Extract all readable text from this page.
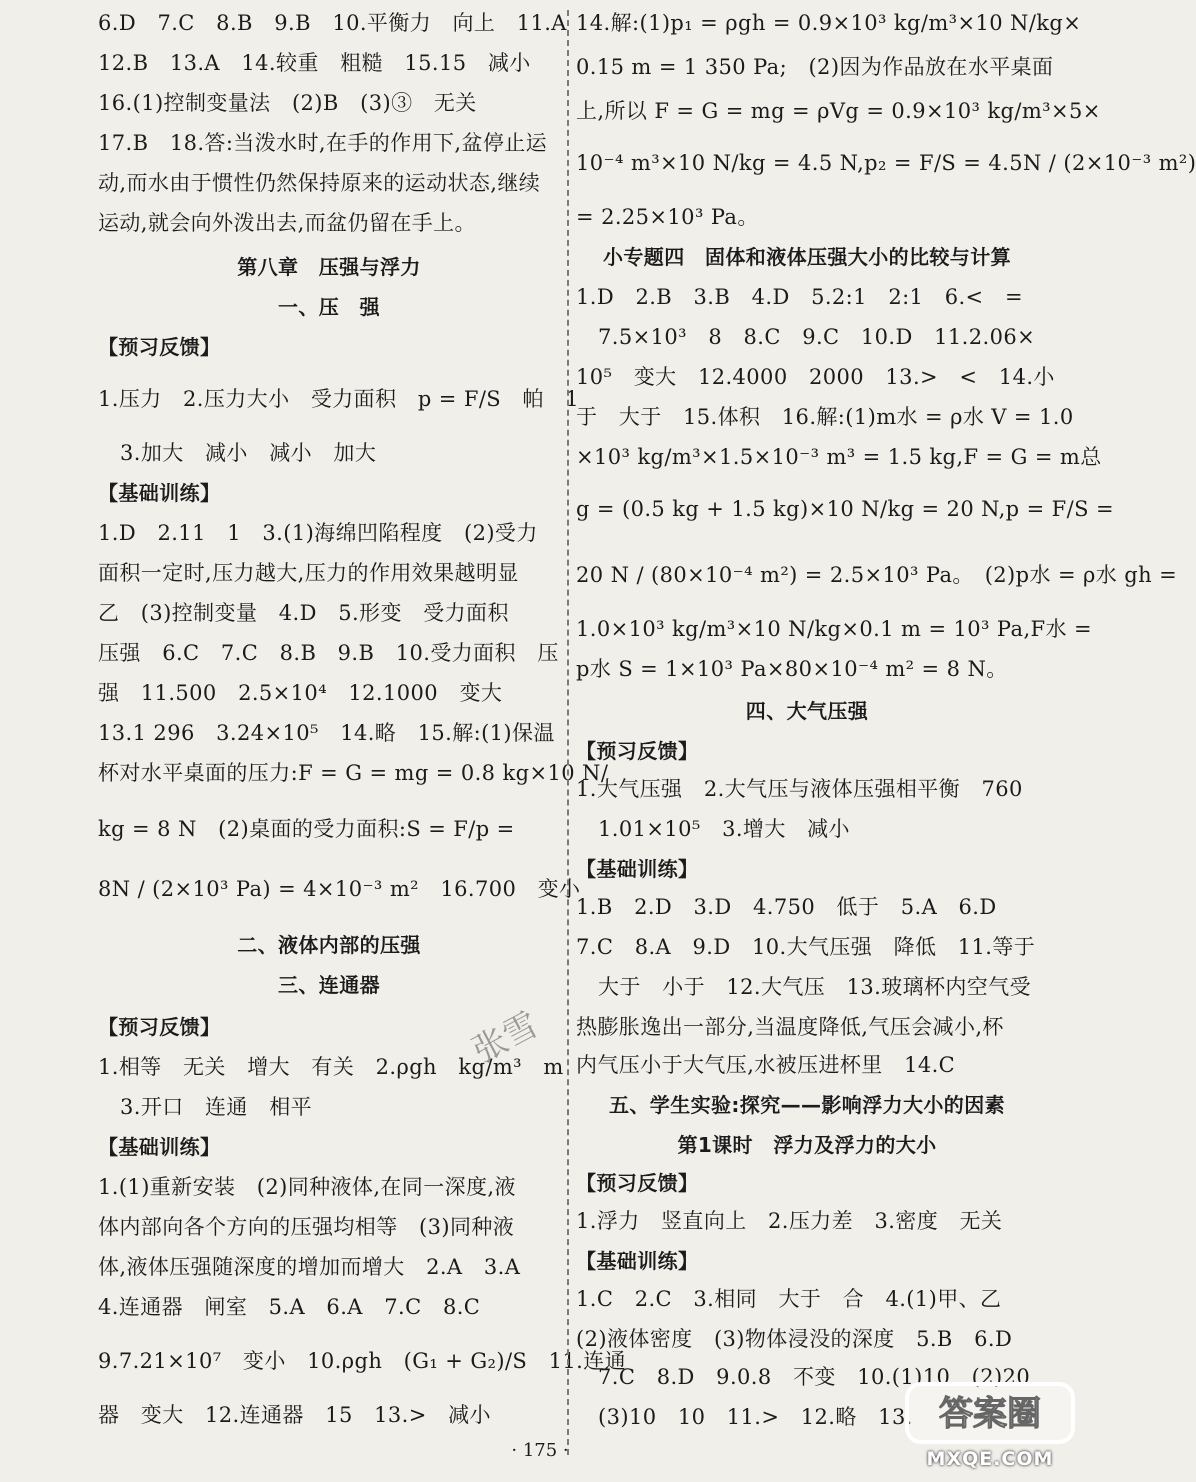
6.D　7.C　8.B　9.B　10.平衡力　向上　11.A
12.B　13.A　14.较重　粗糙　15.15　减小
16.(1)控制变量法　(2)B　(3)③　无关
17.B　18.答:当泼水时,在手的作用下,盆停止运
动,而水由于惯性仍然保持原来的运动状态,继续
运动,就会向外泼出去,而盆仍留在手上。
第八章　压强与浮力
一、压　强
【预习反馈】
1.压力　2.压力大小　受力面积　p = F/S　帕　1
3.加大　减小　减小　加大
【基础训练】
1.D　2.11　1　3.(1)海绵凹陷程度　(2)受力
面积一定时,压力越大,压力的作用效果越明显
乙　(3)控制变量　4.D　5.形变　受力面积
压强　6.C　7.C　8.B　9.B　10.受力面积　压
强　11.500　2.5×10⁴　12.1000　变大
13.1 296　3.24×10⁵　14.略　15.解:(1)保温
杯对水平桌面的压力:F = G = mg = 0.8 kg×10 N/
kg = 8 N　(2)桌面的受力面积:S = F/p =
8N / (2×10³ Pa) = 4×10⁻³ m²　16.700　变小
二、液体内部的压强
三、连通器
【预习反馈】
1.相等　无关　增大　有关　2.ρgh　kg/m³　m
3.开口　连通　相平
【基础训练】
1.(1)重新安装　(2)同种液体,在同一深度,液
体内部向各个方向的压强均相等　(3)同种液
体,液体压强随深度的增加而增大　2.A　3.A
4.连通器　闸室　5.A　6.A　7.C　8.C
9.7.21×10⁷　变小　10.ρgh　(G₁ + G₂)/S　11.连通
器　变大　12.连通器　15　13.>　减小
14.解:(1)p₁ = ρgh = 0.9×10³ kg/m³×10 N/kg×
0.15 m = 1 350 Pa;　(2)因为作品放在水平桌面
上,所以 F = G = mg = ρVg = 0.9×10³ kg/m³×5×
10⁻⁴ m³×10 N/kg = 4.5 N,p₂ = F/S = 4.5N / (2×10⁻³ m²)
= 2.25×10³ Pa。
小专题四　固体和液体压强大小的比较与计算
1.D　2.B　3.B　4.D　5.2:1　2:1　6.<　=
7.5×10³　8　8.C　9.C　10.D　11.2.06×
10⁵　变大　12.4000　2000　13.>　<　14.小
于　大于　15.体积　16.解:(1)m水 = ρ水 V = 1.0
×10³ kg/m³×1.5×10⁻³ m³ = 1.5 kg,F = G = m总
g = (0.5 kg + 1.5 kg)×10 N/kg = 20 N,p = F/S =
20 N / (80×10⁻⁴ m²) = 2.5×10³ Pa。　(2)p水 = ρ水 gh =
1.0×10³ kg/m³×10 N/kg×0.1 m = 10³ Pa,F水 =
p水 S = 1×10³ Pa×80×10⁻⁴ m² = 8 N。
四、大气压强
【预习反馈】
1.大气压强　2.大气压与液体压强相平衡　760
1.01×10⁵　3.增大　减小
【基础训练】
1.B　2.D　3.D　4.750　低于　5.A　6.D
7.C　8.A　9.D　10.大气压强　降低　11.等于
大于　小于　12.大气压　13.玻璃杯内空气受
热膨胀逸出一部分,当温度降低,气压会减小,杯
内气压小于大气压,水被压进杯里　14.C
五、学生实验:探究——影响浮力大小的因素
第1课时　浮力及浮力的大小
【预习反馈】
1.浮力　竖直向上　2.压力差　3.密度　无关
【基础训练】
1.C　2.C　3.相同　大于　合　4.(1)甲、乙
(2)液体密度　(3)物体浸没的深度　5.B　6.D
7.C　8.D　9.0.8　不变　10.(1)10　(2)20
(3)10　10　11.>　12.略　13.
张雪
· 175 ·
答案圈
MXQE.COM
